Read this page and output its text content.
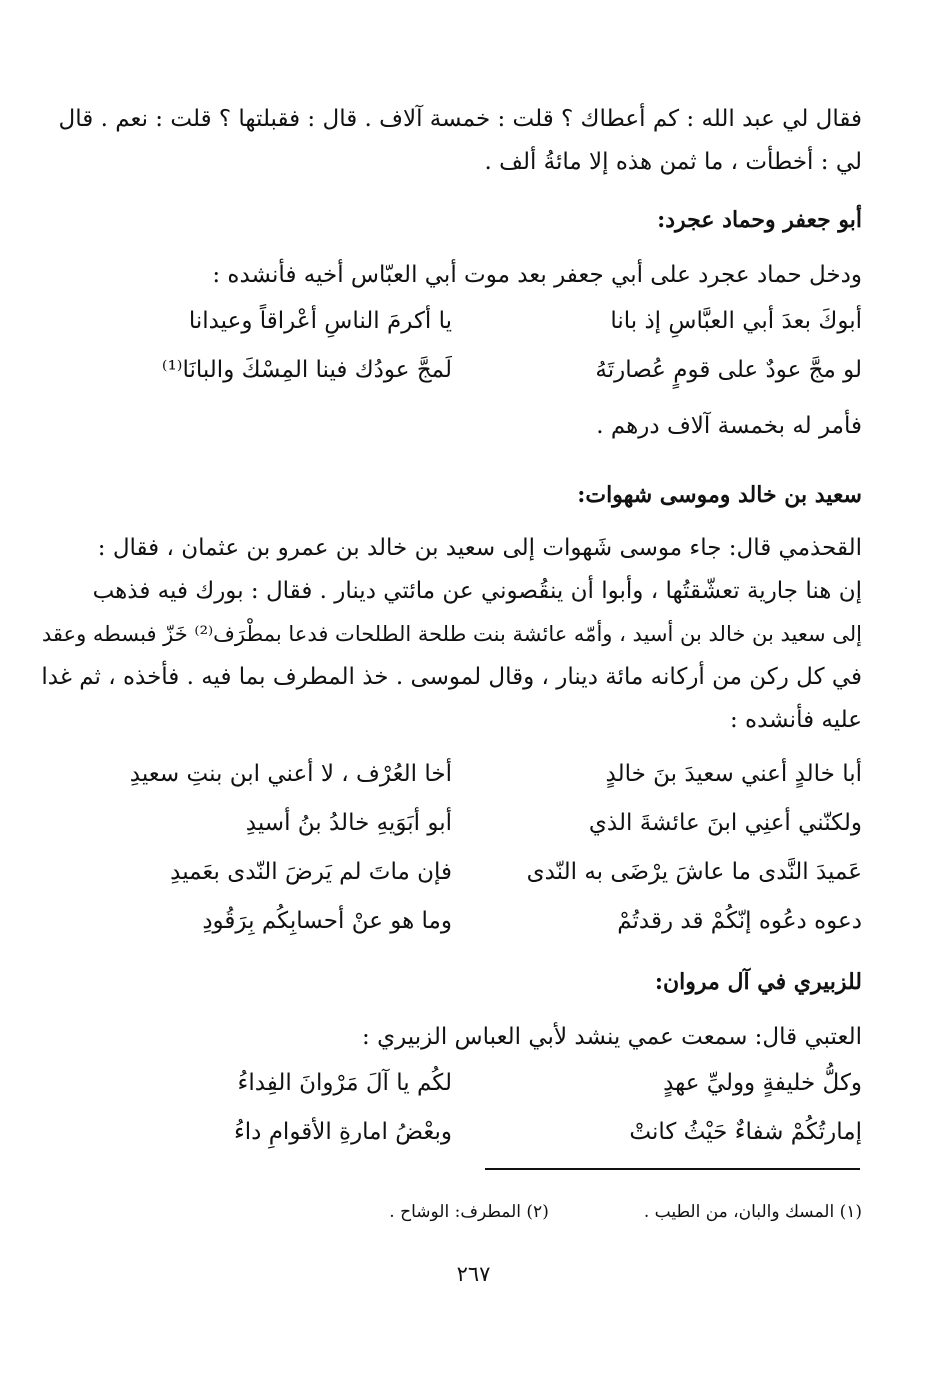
فقال لي عبد الله : كم أعطاك ؟ قلت : خمسة آلاف . قال : فقبلتها ؟ قلت : نعم . قال
لي : أخطأت ، ما ثمن هذه إلا مائةُ ألف .
أبو جعفر وحماد عجرد:
ودخل حماد عجرد على أبي جعفر بعد موت أبي العبّاس أخيه فأنشده :
أبوكَ بعدَ أبي العبَّاسِ إذ بانا
يا أكرمَ الناسِ أعْراقاً وعيدانا
لو مجَّ عودٌ على قومٍ عُصارتَهُ
لَمجَّ عودُك فينا المِسْكَ والبانَا⁽¹⁾
فأمر له بخمسة آلاف درهم .
سعيد بن خالد وموسى شهوات:
القحذمي قال: جاء موسى شَهوات إلى سعيد بن خالد بن عمرو بن عثمان ، فقال :
إن هنا جارية تعشّقتُها ، وأبوا أن ينقُصوني عن مائتي دينار . فقال : بورك فيه فذهب
إلى سعيد بن خالد بن أسيد ، وأمّه عائشة بنت طلحة الطلحات فدعا بمطْرَف⁽²⁾ خَزّ فبسطه وعقد
في كل ركن من أركانه مائة دينار ، وقال لموسى . خذ المطرف بما فيه . فأخذه ، ثم غدا
عليه فأنشده :
أبا خالدٍ أعني سعيدَ بنَ خالدٍ
أخا العُرْف ، لا أعني ابن بنتِ سعيدِ
ولكنّني أعنِي ابنَ عائشةَ الذي
أبو أبَوَيهِ خالدُ بنُ أسيدِ
عَميدَ النَّدى ما عاشَ يرْضَى به النّدى
فإن ماتَ لم يَرضَ النّدى بعَميدِ
دعوه دعُوه إنّكُمْ قد رقدتُمْ
وما هو عنْ أحسابِكُم بِرَقُودِ
للزبيري في آل مروان:
العتبي قال: سمعت عمي ينشد لأبي العباس الزبيري :
وكلُّ خليفةٍ ووليِّ عهدٍ
لكُم يا آلَ مَرْوانَ الفِداءُ
إمارتُكُمْ شفاءٌ حَيْثُ كانتْ
وبعْضُ امارةِ الأقوامِ داءُ
(١) المسك والبان، من الطيب .
(٢) المطرف: الوشاح .
٢٦٧
